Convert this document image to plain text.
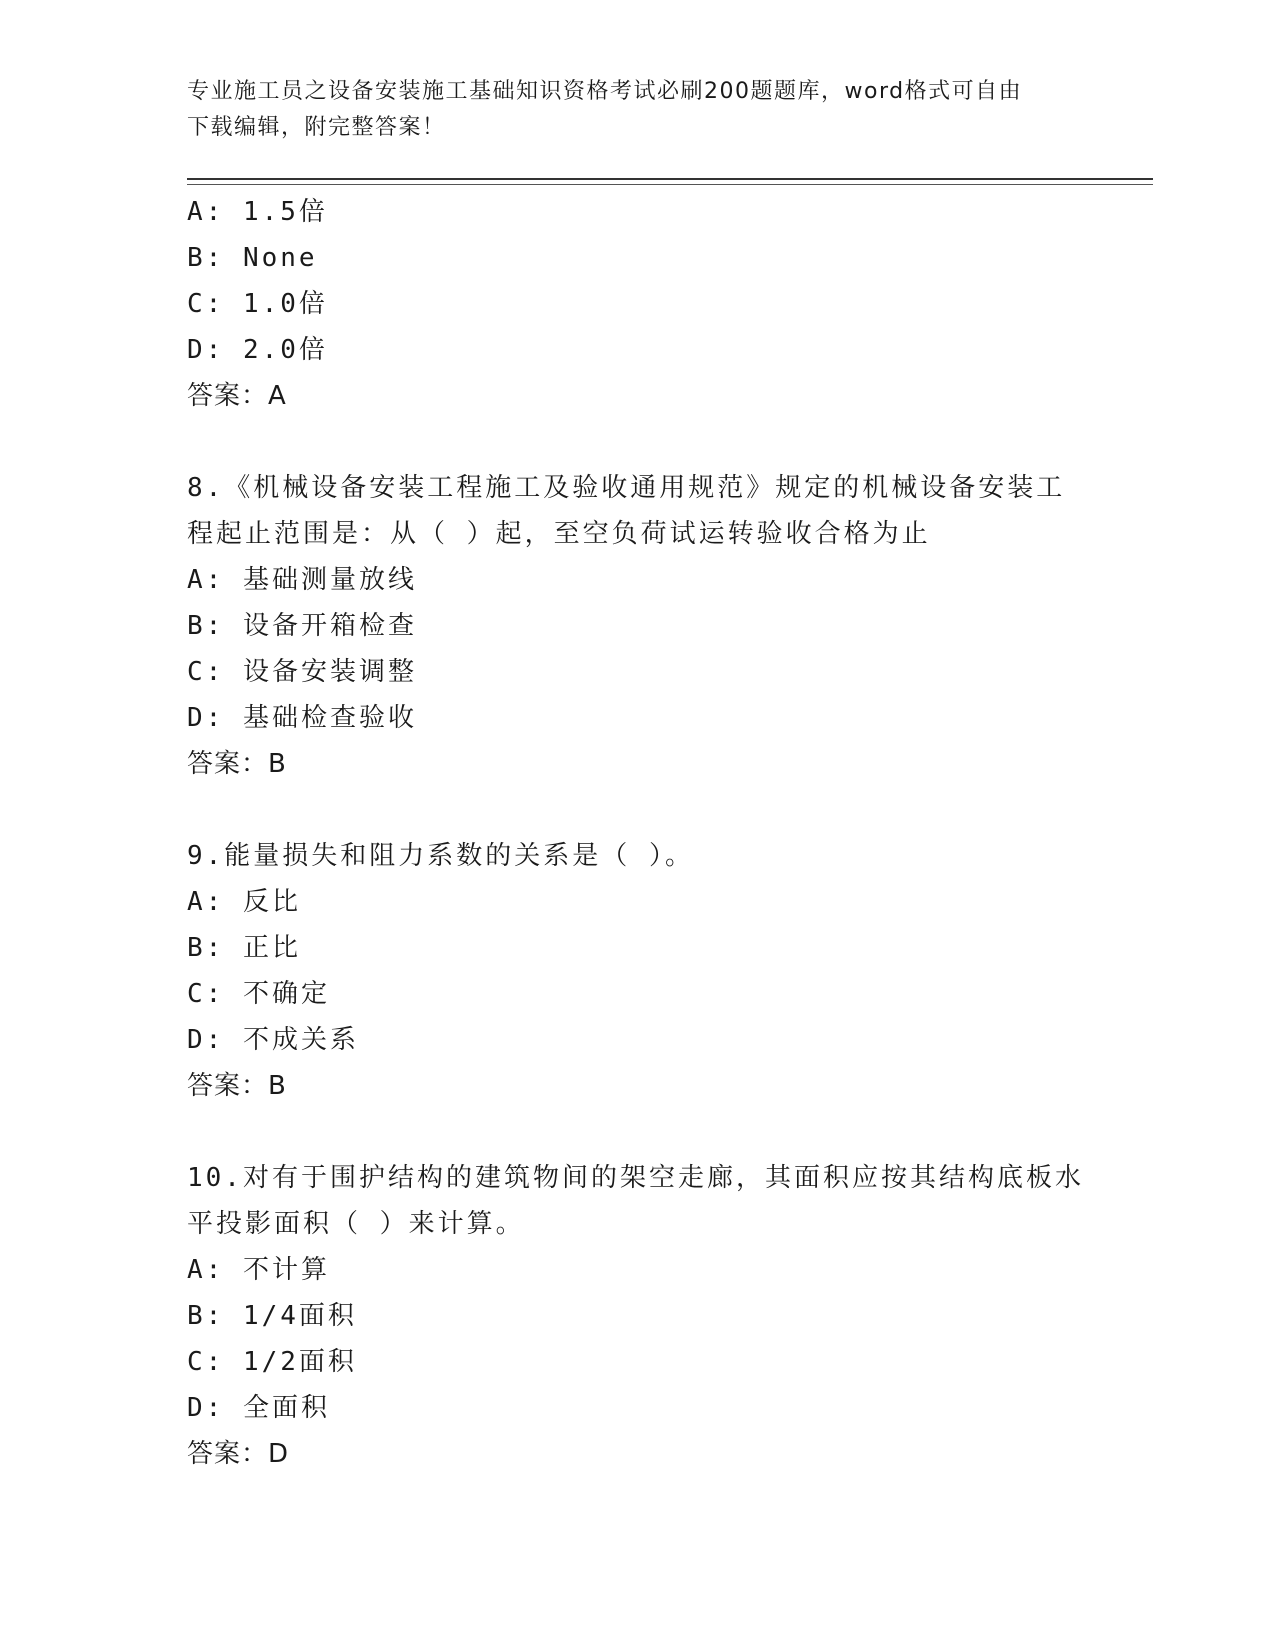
专业施工员之设备安装施工基础知识资格考试必刷200题题库，word格式可自由
下载编辑，附完整答案！
A: 1.5倍
B: None
C: 1.0倍
D: 2.0倍
答案：A
8.《机械设备安装工程施工及验收通用规范》规定的机械设备安装工
程起止范围是：从（ ）起，至空负荷试运转验收合格为止
A: 基础测量放线
B: 设备开箱检查
C: 设备安装调整
D: 基础检查验收
答案：B
9.能量损失和阻力系数的关系是（ ）。
A: 反比
B: 正比
C: 不确定
D: 不成关系
答案：B
10.对有于围护结构的建筑物间的架空走廊，其面积应按其结构底板水
平投影面积（ ）来计算。
A: 不计算
B: 1/4面积
C: 1/2面积
D: 全面积
答案：D
